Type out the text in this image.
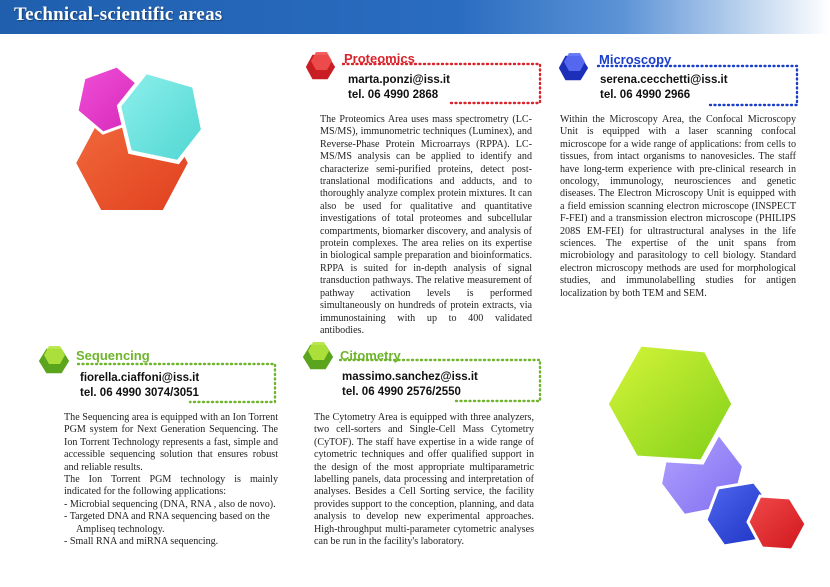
Technical-scientific areas
Proteomics
marta.ponzi@iss.it
tel. 06 4990 2868
The Proteomics Area uses mass spectrometry (LC-MS/MS), immunometric techniques (Luminex), and Reverse-Phase Protein Microarrays (RPPA). LC-MS/MS analysis can be applied to identify and characterize semi-purified proteins, detect post-translational modifications and adducts, and to thoroughly analyze complex protein mixtures. It can also be used for qualitative and quantitative investigations of total proteomes and subcellular compartments, biomarker discovery, and analysis of protein complexes. The area relies on its expertise in biological sample preparation and bioinformatics. RPPA is suited for in-depth analysis of signal transduction pathways. The relative measurement of pathway activation levels is performed simultaneously on hundreds of protein extracts, via immunostaining with up to 400 validated antibodies.
Microscopy
serena.cecchetti@iss.it
tel. 06 4990 2966
Within the Microscopy Area, the Confocal Microscopy Unit is equipped with a laser scanning confocal microscope for a wide range of applications: from cells to tissues, from intact organisms to nanovesicles. The staff have long-term experience with pre-clinical research in oncology, immunology, neurosciences and genetic diseases. The Electron Microscopy Unit is equipped with a field emission scanning electron microscope (INSPECT F-FEI) and a transmission electron microscope (PHILIPS 208S EM-FEI) for ultrastructural analyses in the life sciences. The expertise of the unit spans from microbiology and parasitology to cell biology. Standard electron microscopy methods are used for morphological studies, and immunolabelling studies for antigen localization by both TEM and SEM.
Sequencing
fiorella.ciaffoni@iss.it
tel. 06 4990 3074/3051

The Sequencing area is equipped with an Ion Torrent PGM system for Next Generation Sequencing. The Ion Torrent Technology represents a fast, simple and accessible sequencing solution that ensures robust and reliable results.

The Ion Torrent PGM technology is mainly indicated for the following applications:

- Microbial sequencing (DNA, RNA , also de novo).

- Targeted DNA and RNA sequencing based on the

Ampliseq technology.

- Small RNA and miRNA sequencing.

Citometry
massimo.sanchez@iss.it
tel. 06 4990 2576/2550
The Cytometry Area is equipped with three analyzers, two cell-sorters and Single-Cell Mass Cytometry (CyTOF). The staff have expertise in a wide range of cytometric techniques and offer qualified support in the design of the most appropriate multiparametric labelling panels, data processing and interpretation of analyses. Besides a Cell Sorting service, the facility provides support to the conception, planning, and data analysis to develop new experimental approaches. High-throughput multi-parameter cytometric analyses can be run in the facility's laboratory.
